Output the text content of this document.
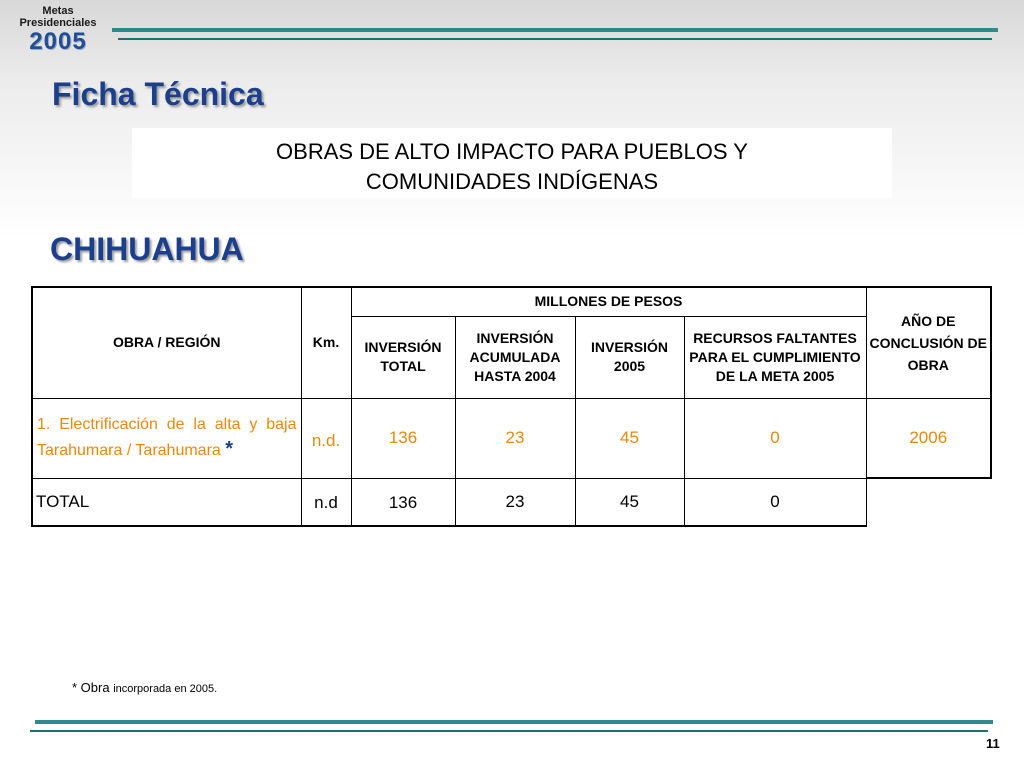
Metas
Presidenciales
2005
Ficha Técnica
OBRAS DE ALTO IMPACTO PARA PUEBLOS Y
COMUNIDADES INDÍGENAS
CHIHUAHUA
OBRA / REGIÓN	Km.	MILLONES DE PESOS				AÑO DE CONCLUSIÓN DE OBRA
		INVERSIÓN TOTAL	INVERSIÓN ACUMULADA HASTA 2004	INVERSIÓN 2005	RECURSOS FALTANTES PARA EL CUMPLIMIENTO DE LA META 2005	
1. Electrificación de la alta y baja Tarahumara / Tarahumara *	n.d.	136	23	45	0	2006
TOTAL	n.d	136	23	45	0	
* Obra incorporada en 2005.
11
